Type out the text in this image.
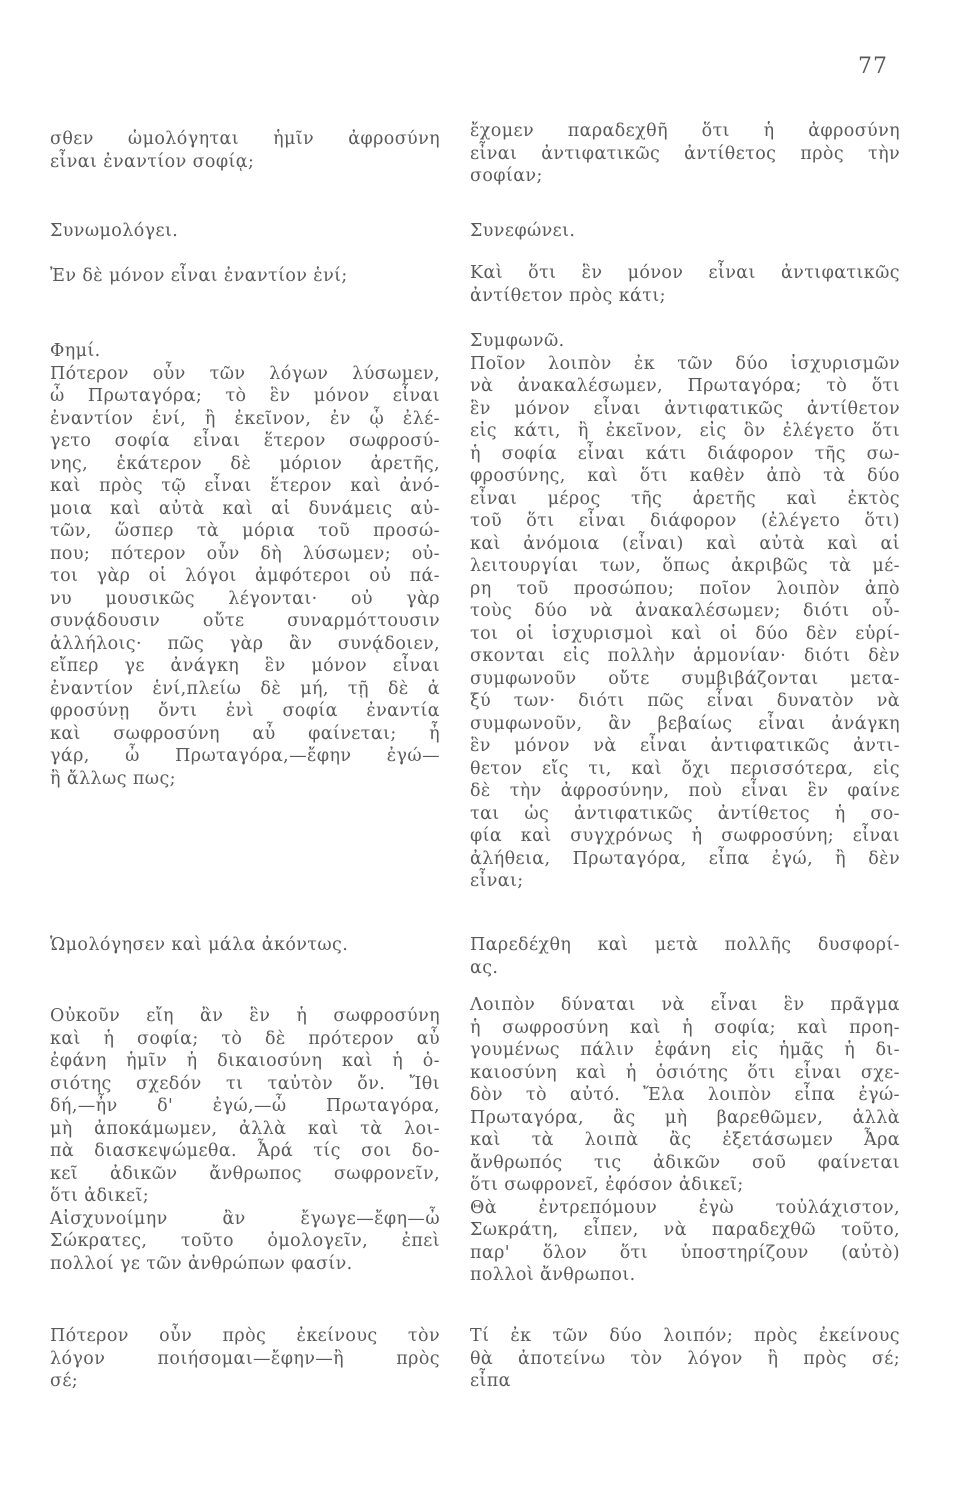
77
σθεν ὡμολόγηται ἡμῖν ἀφροσύνη
εἶναι ἐναντίον σοφίᾳ;
Συνωμολόγει.
Ἐν δὲ μόνον εἶναι ἐναντίον ἑνί;
Φημί.
Πότερον οὖν τῶν λόγων λύσωμεν,
ὦ Πρωταγόρα; τὸ ἓν μόνον εἶναι
ἐναντίον ἑνί, ἢ ἐκεῖνον, ἐν ᾧ ἐλέ-
γετο σοφία εἶναι ἕτερον σωφροσύ-
νης, ἑκάτερον δὲ μόριον ἀρετῆς,
καὶ πρὸς τῷ εἶναι ἕτερον καὶ ἀνό-
μοια καὶ αὐτὰ καὶ αἱ δυνάμεις αὐ-
τῶν, ὥσπερ τὰ μόρια τοῦ προσώ-
που; πότερον οὖν δὴ λύσωμεν; οὐ-
τοι γὰρ οἱ λόγοι ἀμφότεροι οὐ πά-
νυ μουσικῶς λέγονται· οὐ γὰρ
συνᾴδουσιν οὔτε συναρμόττουσιν
ἀλλήλοις· πῶς γὰρ ἂν συνᾴδοιεν,
εἴπερ γε ἀνάγκη ἓν μόνον εἶναι
ἐναντίον ἑνί,πλείω δὲ μή, τῇ δὲ ἀ
φροσύνῃ ὄντι ἑνὶ σοφία ἐναντία
καὶ σωφροσύνη αὖ φαίνεται; ἦ
γάρ, ὦ Πρωταγόρα,—ἔφην ἐγώ—
ἢ ἄλλως πως;
Ὡμολόγησεν καὶ μάλα ἀκόντως.
Οὐκοῦν εἴη ἂν ἓν ἡ σωφροσύνη
καὶ ἡ σοφία; τὸ δὲ πρότερον αὖ
ἐφάνη ἡμῖν ἡ δικαιοσύνη καὶ ἡ ὁ-
σιότης σχεδόν τι ταὐτὸν ὄν. Ἴθι
δή,—ἦν δ' ἐγώ,—ὦ Πρωταγόρα,
μὴ ἀποκάμωμεν, ἀλλὰ καὶ τὰ λοι-
πὰ διασκεψώμεθα. Ἆρά τίς σοι δο-
κεῖ ἀδικῶν ἄνθρωπος σωφρονεῖν,
ὅτι ἀδικεῖ;
Αἰσχυνοίμην ἂν ἔγωγε—ἔφη—ὦ
Σώκρατες, τοῦτο ὁμολογεῖν, ἐπεὶ
πολλοί γε τῶν ἀνθρώπων φασίν.
Πότερον οὖν πρὸς ἐκείνους τὸν
λόγον ποιήσομαι—ἔφην—ἢ πρὸς
σέ;
ἔχομεν παραδεχθῆ ὅτι ἡ ἀφροσύνη
εἶναι ἀντιφατικῶς ἀντίθετος πρὸς τὴν
σοφίαν;
Συνεφώνει.
Καὶ ὅτι ἓν μόνον εἶναι ἀντιφατικῶς
ἀντίθετον πρὸς κάτι;
Συμφωνῶ.
Ποῖον λοιπὸν ἐκ τῶν δύο ἰσχυρισμῶν
νὰ ἀνακαλέσωμεν, Πρωταγόρα; τὸ ὅτι
ἓν μόνον εἶναι ἀντιφατικῶς ἀντίθετον
εἰς κάτι, ἢ ἐκεῖνον, εἰς ὃν ἐλέγετο ὅτι
ἡ σοφία εἶναι κάτι διάφορον τῆς σω-
φροσύνης, καὶ ὅτι καθὲν ἀπὸ τὰ δύο
εἶναι μέρος τῆς ἀρετῆς καὶ ἐκτὸς
τοῦ ὅτι εἶναι διάφορον (ἐλέγετο ὅτι)
καὶ ἀνόμοια (εἶναι) καὶ αὐτὰ καὶ αἱ
λειτουργίαι των, ὅπως ἀκριβῶς τὰ μέ-
ρη τοῦ προσώπου; ποῖον λοιπὸν ἀπὸ
τοὺς δύο νὰ ἀνακαλέσωμεν; διότι οὗ-
τοι οἱ ἰσχυρισμοὶ καὶ οἱ δύο δὲν εὑρί-
σκονται εἰς πολλὴν ἁρμονίαν· διότι δὲν
συμφωνοῦν οὔτε συμβιβάζονται μετα-
ξύ των· διότι πῶς εἶναι δυνατὸν νὰ
συμφωνοῦν, ἂν βεβαίως εἶναι ἀνάγκη
ἓν μόνον νὰ εἶναι ἀντιφατικῶς ἀντι-
θετον εἴς τι, καὶ ὄχι περισσότερα, εἰς
δὲ τὴν ἀφροσύνην, ποὺ εἶναι ἓν φαίνε
ται ὡς ἀντιφατικῶς ἀντίθετος ἡ σο-
φία καὶ συγχρόνως ἡ σωφροσύνη; εἶναι
ἀλήθεια, Πρωταγόρα, εἶπα ἐγώ, ἢ δὲν
εἶναι;
Παρεδέχθη καὶ μετὰ πολλῆς δυσφορί-
ας.
Λοιπὸν δύναται νὰ εἶναι ἓν πρᾶγμα
ἡ σωφροσύνη καὶ ἡ σοφία; καὶ προη-
γουμένως πάλιν ἐφάνη εἰς ἡμᾶς ἡ δι-
καιοσύνη καὶ ἡ ὁσιότης ὅτι εἶναι σχε-
δὸν τὸ αὐτό. Ἔλα λοιπὸν εἶπα ἐγώ-
Πρωταγόρα, ἂς μὴ βαρεθῶμεν, ἀλλὰ
καὶ τὰ λοιπὰ ἂς ἐξετάσωμεν Ἆρα
ἄνθρωπός τις ἀδικῶν σοῦ φαίνεται
ὅτι σωφρονεῖ, ἐφόσον ἀδικεῖ;
Θὰ ἐντρεπόμουν ἐγὼ τοὐλάχιστον,
Σωκράτη, εἶπεν, νὰ παραδεχθῶ τοῦτο,
παρ' ὅλον ὅτι ὑποστηρίζουν (αὐτὸ)
πολλοὶ ἄνθρωποι.
Τί ἐκ τῶν δύο λοιπόν; πρὸς ἐκείνους
θὰ ἀποτείνω τὸν λόγον ἢ πρὸς σέ;
εἶπα
